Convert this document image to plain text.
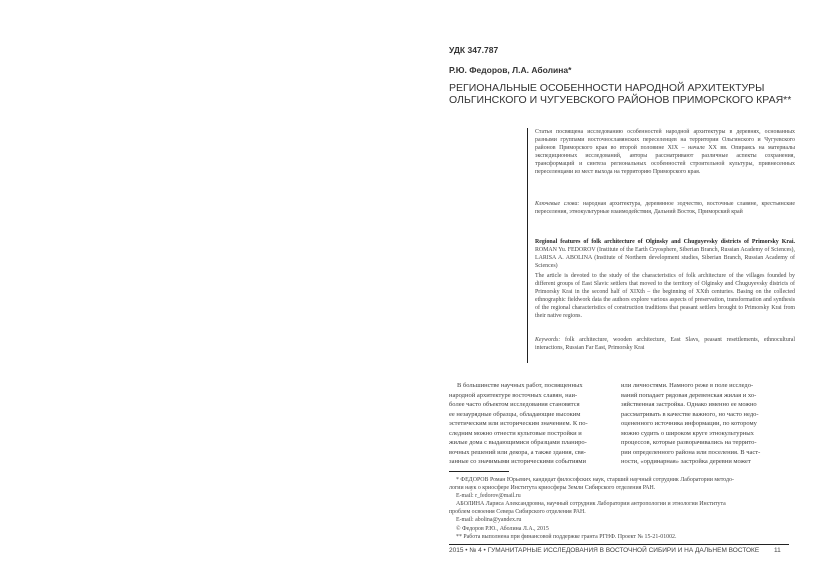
УДК 347.787
Р.Ю. Федоров, Л.А. Аболина*
РЕГИОНАЛЬНЫЕ ОСОБЕННОСТИ НАРОДНОЙ АРХИТЕКТУРЫ
ОЛЬГИНСКОГО И ЧУГУЕВСКОГО РАЙОНОВ ПРИМОРСКОГО КРАЯ**

Статья посвящена исследованию особенностей народной архитектуры в деревнях, основанных разными группами восточнославянских переселенцев на территории Ольгинского и Чугуевского районов Приморского края во второй половине XIX – начале XX вв. Опираясь на материалы экспедиционных исследований, авторы рассматривают различные аспекты сохранения, трансформаций и синтеза региональных особенностей строительной культуры, привнесенных переселенцами из мест выхода на территорию Приморского края.

Ключевые слова: народная архитектура, деревянное зодчество, восточные славяне, крестьянские переселения, этнокультурные взаимодействия, Дальний Восток, Приморский край

Regional features of folk architecture of Olginsky and Chuguyevsky districts of Primorsky Krai. ROMAN Yu. FEDOROV (Institute of the Earth Cryosphere, Siberian Branch, Russian Academy of Sciences), LARISA A. ABOLINA (Institute of Northern development studies, Siberian Branch, Russian Academy of Sciences)

The article is devoted to the study of the characteristics of folk architecture of the villages founded by different groups of East Slavic settlers that moved to the territory of Olginsky and Chuguyevsky districts of Primorsky Krai in the second half of XIXth – the beginning of XXth centuries. Basing on the collected ethnographic fieldwork data the authors explore various aspects of preservation, transformation and synthesis of the regional characteristics of construction traditions that peasant settlers brought to Primorsky Krai from their native regions.

Keywords: folk architecture, wooden architecture, East Slavs, peasant resettlements, ethnocultural interactions, Russian Far East, Primorsky Krai

В большинстве научных работ, посвященных
народной архитектуре восточных славян, наи-
более часто объектом исследования становятся
ее незаурядные образцы, обладающие высоким
эстетическим или историческим значением. К по-
следним можно отнести культовые постройки и
жилые дома с выдающимися образцами планиро-
вочных решений или декора, а также здания, свя-
занные со значимыми историческими событиями
или личностями. Намного реже в поле исследо-
ваний попадает рядовая деревенская жилая и хо-
зяйственная застройка. Однако именно ее можно
рассматривать в качестве важного, но часто недо-
оцененного источника информации, по которому
можно судить о широком круге этнокультурных
процессов, которые разворачивались на террито-
рии определенного района или поселения. В част-
ности, «ординарная» застройка деревни может
* ФЕДОРОВ Роман Юрьевич, кандидат философских наук, старший научный сотрудник Лаборатории методо-
логии наук о криосфере Института криосферы Земли Сибирского отделения РАН.
E-mail: r_fedorov@mail.ru
АБОЛИНА Лариса Александровна, научный сотрудник Лаборатории антропологии и этнологии Института
проблем освоения Севера Сибирского отделения РАН.
E-mail: abolina@yandex.ru
© Федоров Р.Ю., Аболина Л.А., 2015
** Работа выполнена при финансовой поддержке гранта РГНФ. Проект № 15-21-01002.
2015 • № 4 • ГУМАНИТАРНЫЕ ИССЛЕДОВАНИЯ В ВОСТОЧНОЙ СИБИРИ И НА ДАЛЬНЕМ ВОСТОКЕ 11
